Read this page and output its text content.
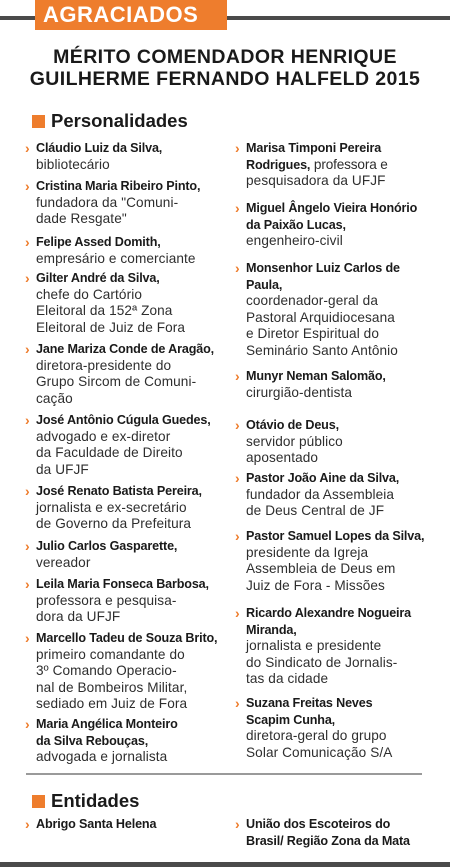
AGRACIADOS
MÉRITO COMENDADOR HENRIQUE
GUILHERME FERNANDO HALFELD 2015
Personalidades
› Cláudio Luiz da Silva,
bibliotecário
› Cristina Maria Ribeiro Pinto,
fundadora da "Comuni-
dade Resgate"
› Felipe Assed Domith,
empresário e comerciante
› Gilter André da Silva,
chefe do Cartório
Eleitoral da 152ª Zona
Eleitoral de Juiz de Fora
› Jane Mariza Conde de Aragão,
diretora-presidente do
Grupo Sircom de Comuni-
cação
› José Antônio Cúgula Guedes,
advogado e ex-diretor
da Faculdade de Direito
da UFJF
› José Renato Batista Pereira,
jornalista e ex-secretário
de Governo da Prefeitura
› Julio Carlos Gasparette,
vereador
› Leila Maria Fonseca Barbosa,
professora e pesquisa-
dora da UFJF
› Marcello Tadeu de Souza Brito,
primeiro comandante do
3º Comando Operacio-
nal de Bombeiros Militar,
sediado em Juiz de Fora
› Maria Angélica Monteiro
da Silva Rebouças,
advogada e jornalista
› Marisa Timponi Pereira
Rodrigues, professora e
pesquisadora da UFJF
› Miguel Ângelo Vieira Honório
da Paixão Lucas,
engenheiro-civil
› Monsenhor Luiz Carlos de
Paula,
coordenador-geral da
Pastoral Arquidiocesana
e Diretor Espiritual do
Seminário Santo Antônio
› Munyr Neman Salomão,
cirurgião-dentista
› Otávio de Deus,
servidor público
aposentado
› Pastor João Aine da Silva,
fundador da Assembleia
de Deus Central de JF
› Pastor Samuel Lopes da Silva,
presidente da Igreja
Assembleia de Deus em
Juiz de Fora - Missões
› Ricardo Alexandre Nogueira
Miranda,
jornalista e presidente
do Sindicato de Jornalis-
tas da cidade
› Suzana Freitas Neves
Scapim Cunha,
diretora-geral do grupo
Solar Comunicação S/A
Entidades
› Abrigo Santa Helena	› União dos Escoteiros do
Brasil/ Região Zona da Mata
